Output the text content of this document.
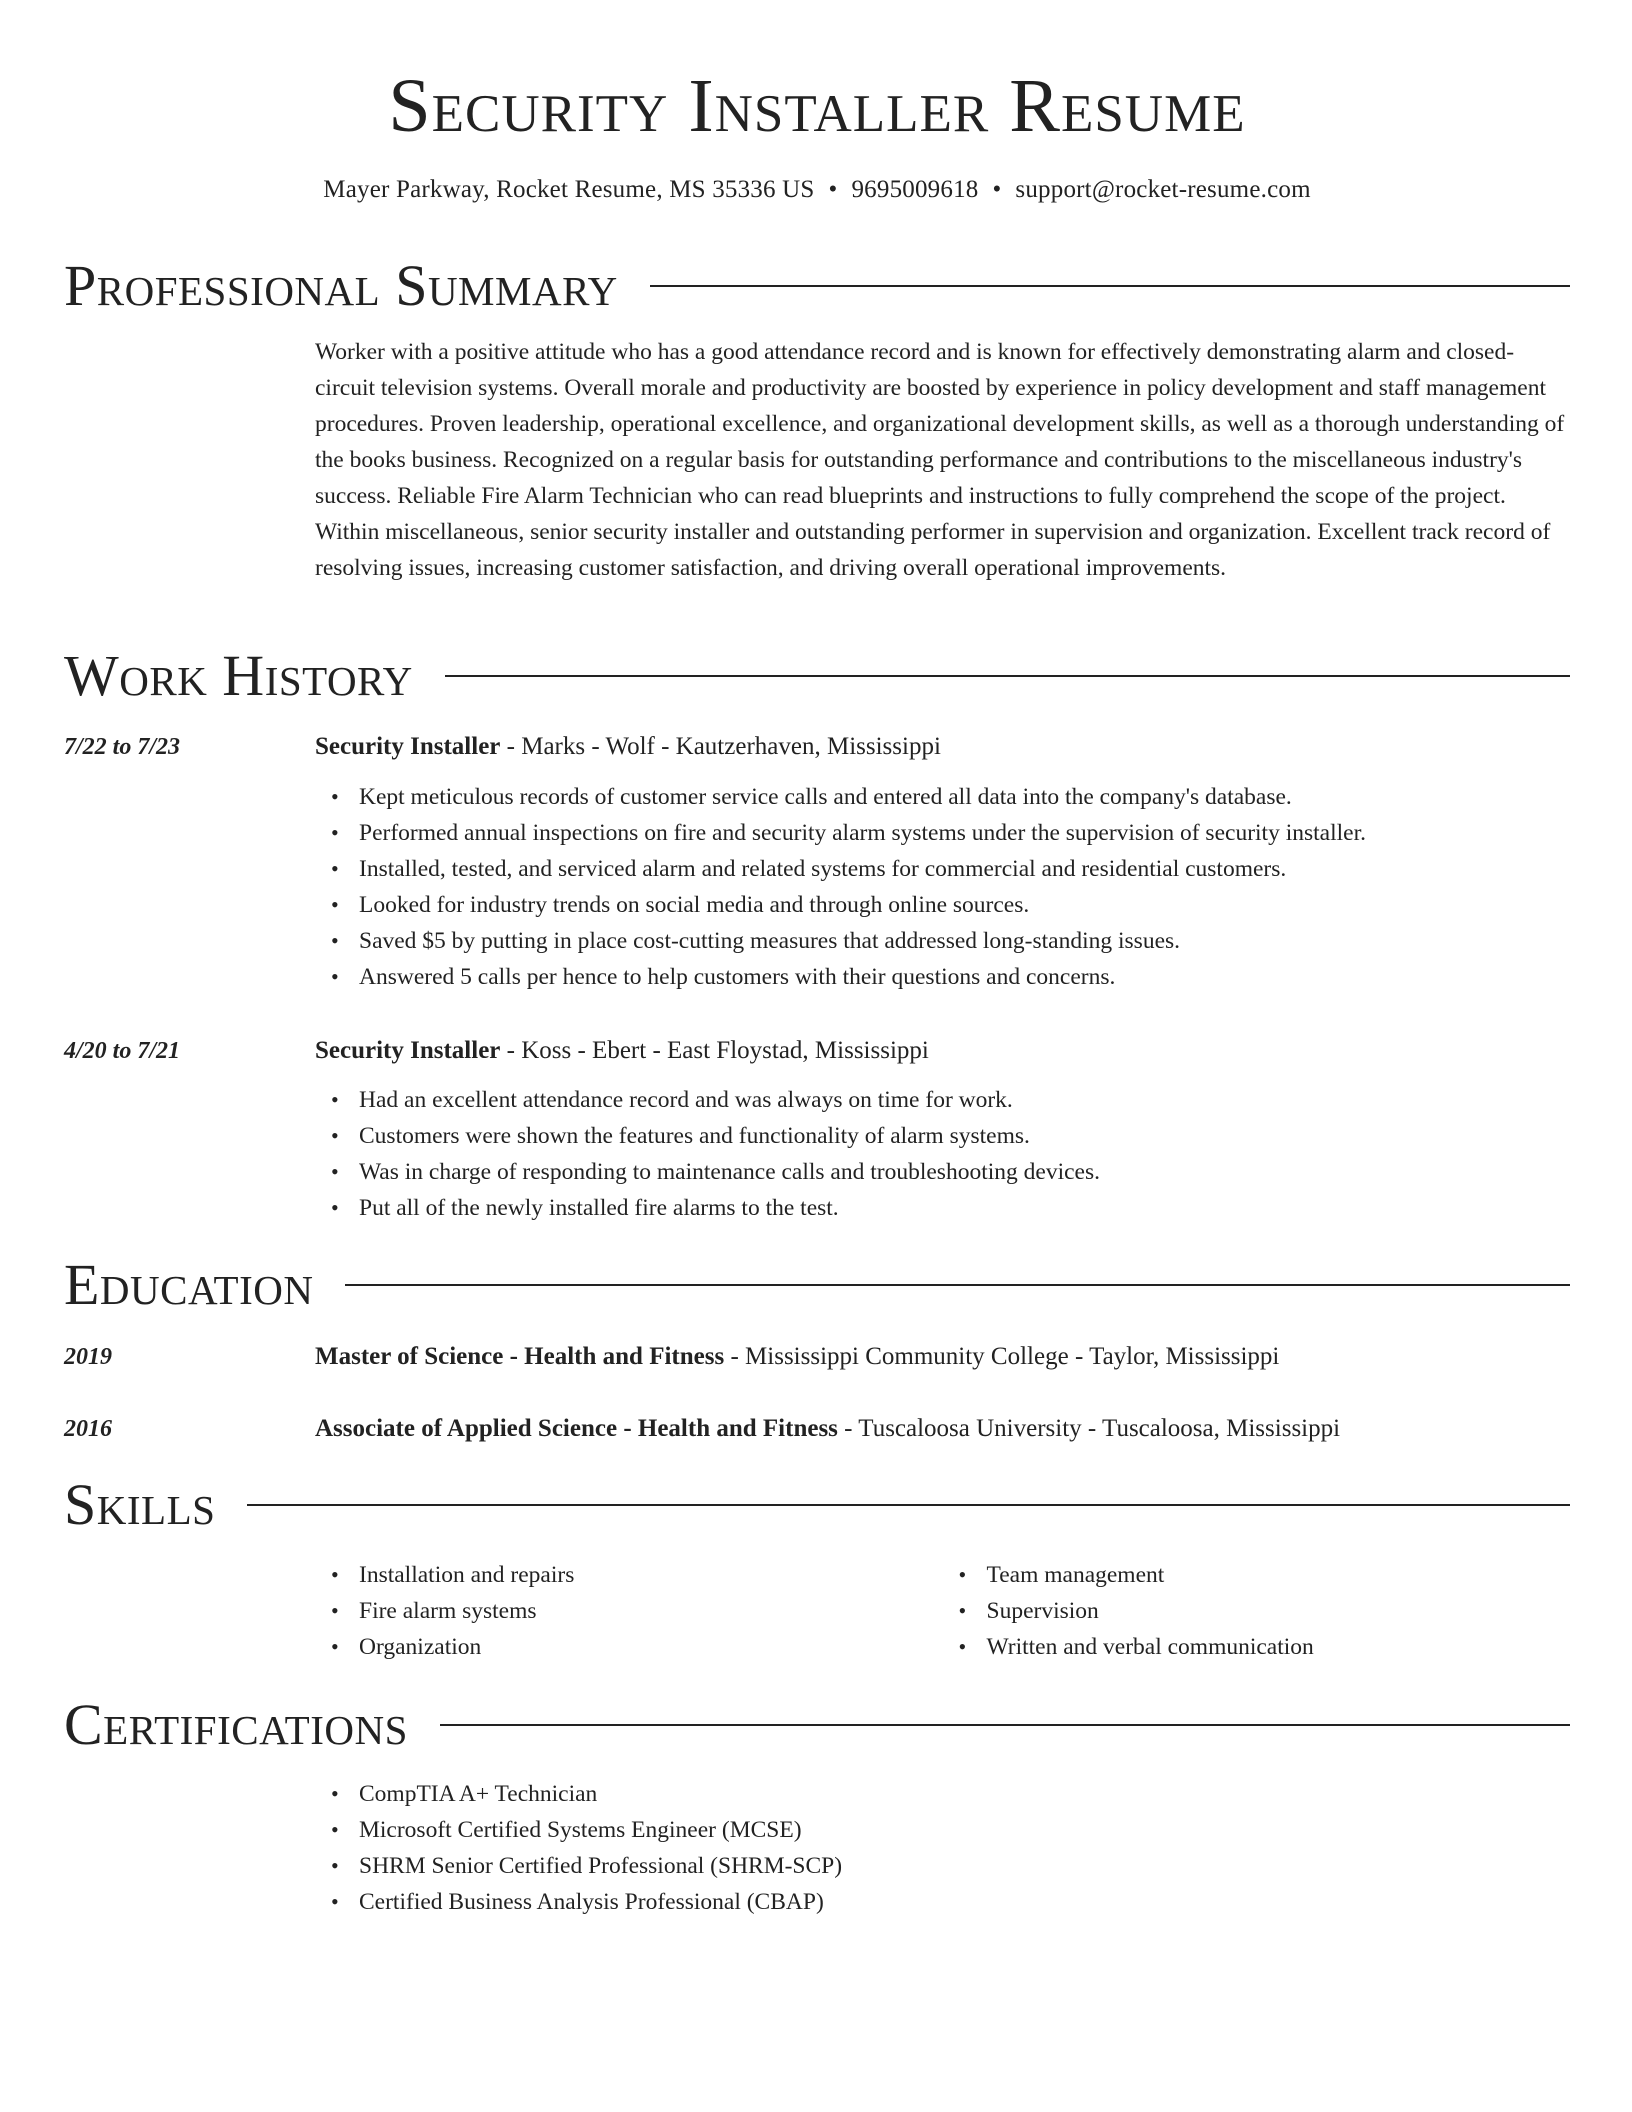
Security Installer Resume
Mayer Parkway, Rocket Resume, MS 35336 US • 9695009618 • support@rocket-resume.com
Professional Summary

Worker with a positive attitude who has a good attendance record and is known for effectively demonstrating alarm and closed-circuit television systems. Overall morale and productivity are boosted by experience in policy development and staff management procedures. Proven leadership, operational excellence, and organizational development skills, as well as a thorough understanding of the books business. Recognized on a regular basis for outstanding performance and contributions to the miscellaneous industry's success. Reliable Fire Alarm Technician who can read blueprints and instructions to fully comprehend the scope of the project. Within miscellaneous, senior security installer and outstanding performer in supervision and organization. Excellent track record of resolving issues, increasing customer satisfaction, and driving overall operational improvements.

Work History
7/22 to 7/23	Security Installer - Marks - Wolf - Kautzerhaven, Mississippi
• Kept meticulous records of customer service calls and entered all data into the company's database.
• Performed annual inspections on fire and security alarm systems under the supervision of security installer.
• Installed, tested, and serviced alarm and related systems for commercial and residential customers.
• Looked for industry trends on social media and through online sources.
• Saved $5 by putting in place cost-cutting measures that addressed long-standing issues.
• Answered 5 calls per hence to help customers with their questions and concerns.
4/20 to 7/21	Security Installer - Koss - Ebert - East Floystad, Mississippi
• Had an excellent attendance record and was always on time for work.
• Customers were shown the features and functionality of alarm systems.
• Was in charge of responding to maintenance calls and troubleshooting devices.
• Put all of the newly installed fire alarms to the test.
Education
2019	Master of Science - Health and Fitness - Mississippi Community College - Taylor, Mississippi
2016	Associate of Applied Science - Health and Fitness - Tuscaloosa University - Tuscaloosa, Mississippi
Skills
• Installation and repairs
• Fire alarm systems
• Organization
• Team management
• Supervision
• Written and verbal communication
Certifications
• CompTIA A+ Technician
• Microsoft Certified Systems Engineer (MCSE)
• SHRM Senior Certified Professional (SHRM-SCP)
• Certified Business Analysis Professional (CBAP)
